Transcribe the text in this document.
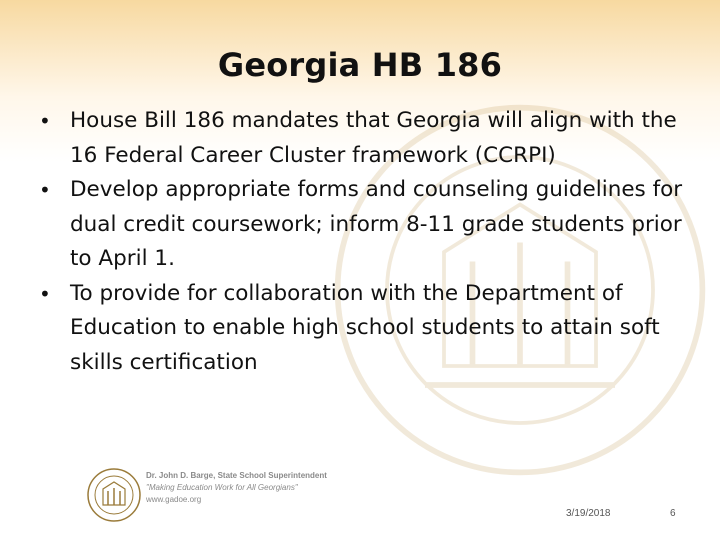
Georgia HB 186
• House Bill 186 mandates that Georgia will align with the 16 Federal Career Cluster framework (CCRPI)
• Develop appropriate forms and counseling guidelines for dual credit coursework; inform 8-11 grade students prior to April 1.
• To provide for collaboration with the Department of Education to enable high school students to attain soft skills certification
Dr. John D. Barge, State School Superintendent
"Making Education Work for All Georgians"
www.gadoe.org
3/19/2018	6
